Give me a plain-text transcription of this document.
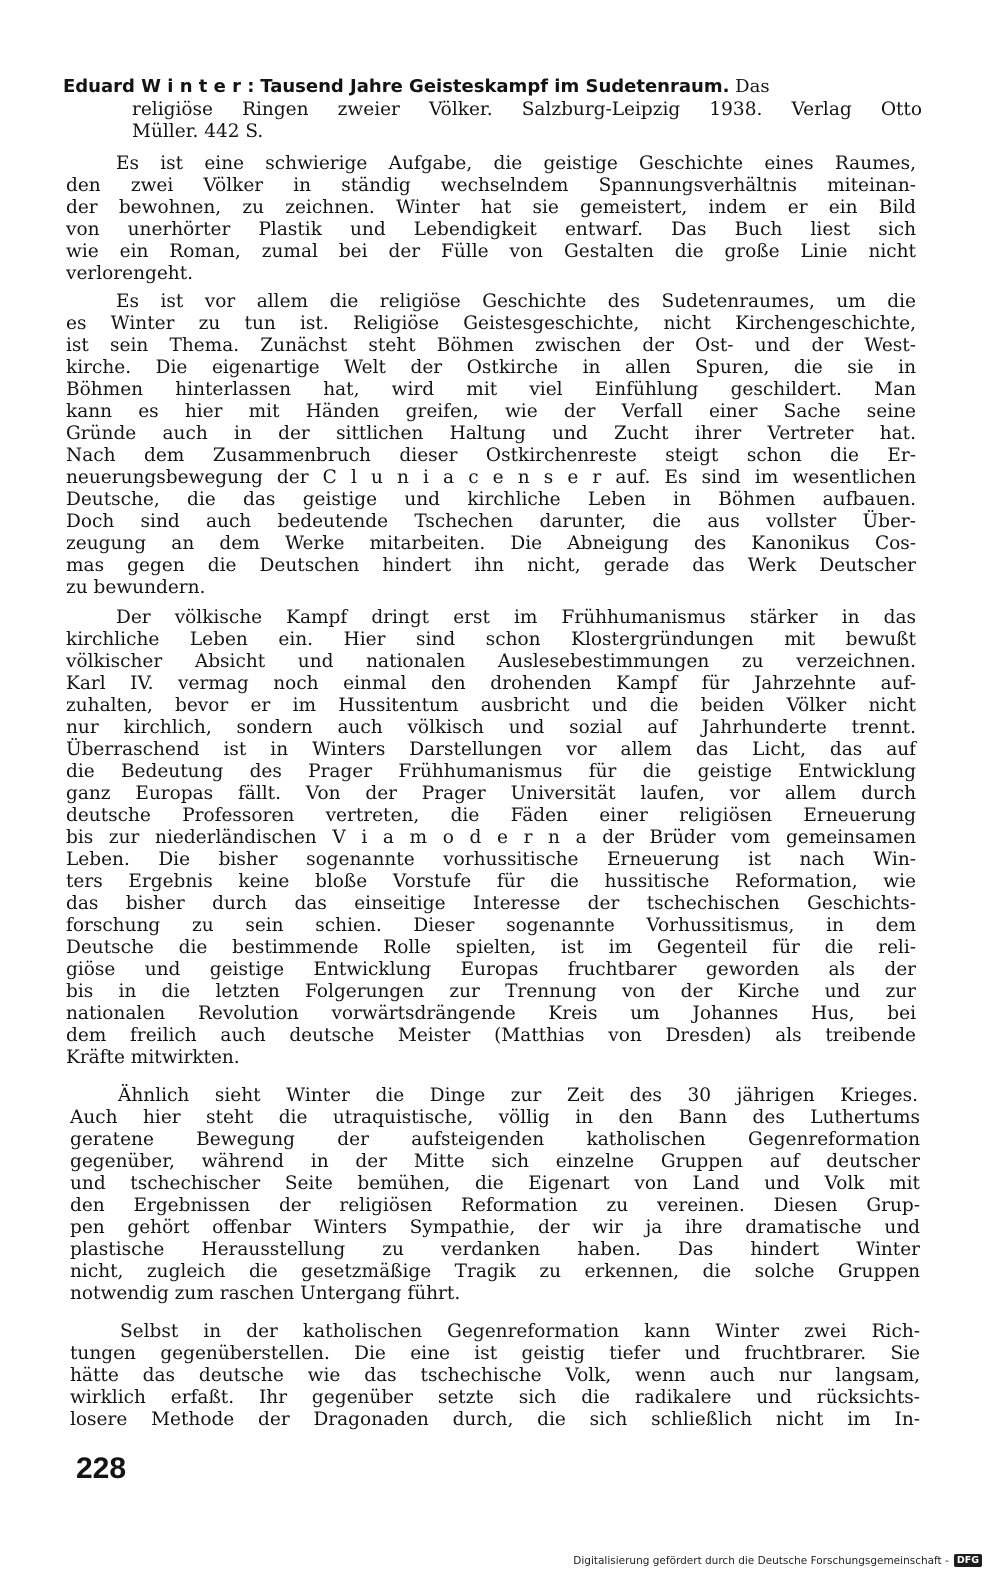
Eduard W i n t e r : Tausend Jahre Geisteskampf im Sudetenraum. Das
religiöse Ringen zweier Völker. Salzburg-Leipzig 1938. Verlag Otto
Müller. 442 S.
Es ist eine schwierige Aufgabe, die geistige Geschichte eines Raumes,
den zwei Völker in ständig wechselndem Spannungsverhältnis miteinan-
der bewohnen, zu zeichnen. Winter hat sie gemeistert, indem er ein Bild
von unerhörter Plastik und Lebendigkeit entwarf. Das Buch liest sich
wie ein Roman, zumal bei der Fülle von Gestalten die große Linie nicht
verlorengeht.
Es ist vor allem die religiöse Geschichte des Sudetenraumes, um die
es Winter zu tun ist. Religiöse Geistesgeschichte, nicht Kirchengeschichte,
ist sein Thema. Zunächst steht Böhmen zwischen der Ost- und der West-
kirche. Die eigenartige Welt der Ostkirche in allen Spuren, die sie in
Böhmen hinterlassen hat, wird mit viel Einfühlung geschildert. Man
kann es hier mit Händen greifen, wie der Verfall einer Sache seine
Gründe auch in der sittlichen Haltung und Zucht ihrer Vertreter hat.
Nach dem Zusammenbruch dieser Ostkirchenreste steigt schon die Er-
neuerungsbewegung der C l u n i a c e n s e r auf. Es sind im wesentlichen
Deutsche, die das geistige und kirchliche Leben in Böhmen aufbauen.
Doch sind auch bedeutende Tschechen darunter, die aus vollster Über-
zeugung an dem Werke mitarbeiten. Die Abneigung des Kanonikus Cos-
mas gegen die Deutschen hindert ihn nicht, gerade das Werk Deutscher
zu bewundern.
Der völkische Kampf dringt erst im Frühhumanismus stärker in das
kirchliche Leben ein. Hier sind schon Klostergründungen mit bewußt
völkischer Absicht und nationalen Auslesebestimmungen zu verzeichnen.
Karl IV. vermag noch einmal den drohenden Kampf für Jahrzehnte auf-
zuhalten, bevor er im Hussitentum ausbricht und die beiden Völker nicht
nur kirchlich, sondern auch völkisch und sozial auf Jahrhunderte trennt.
Überraschend ist in Winters Darstellungen vor allem das Licht, das auf
die Bedeutung des Prager Frühhumanismus für die geistige Entwicklung
ganz Europas fällt. Von der Prager Universität laufen, vor allem durch
deutsche Professoren vertreten, die Fäden einer religiösen Erneuerung
bis zur niederländischen V i a m o d e r n a der Brüder vom gemeinsamen
Leben. Die bisher sogenannte vorhussitische Erneuerung ist nach Win-
ters Ergebnis keine bloße Vorstufe für die hussitische Reformation, wie
das bisher durch das einseitige Interesse der tschechischen Geschichts-
forschung zu sein schien. Dieser sogenannte Vorhussitismus, in dem
Deutsche die bestimmende Rolle spielten, ist im Gegenteil für die reli-
giöse und geistige Entwicklung Europas fruchtbarer geworden als der
bis in die letzten Folgerungen zur Trennung von der Kirche und zur
nationalen Revolution vorwärtsdrängende Kreis um Johannes Hus, bei
dem freilich auch deutsche Meister (Matthias von Dresden) als treibende
Kräfte mitwirkten.
Ähnlich sieht Winter die Dinge zur Zeit des 30 jährigen Krieges.
Auch hier steht die utraquistische, völlig in den Bann des Luthertums
geratene Bewegung der aufsteigenden katholischen Gegenreformation
gegenüber, während in der Mitte sich einzelne Gruppen auf deutscher
und tschechischer Seite bemühen, die Eigenart von Land und Volk mit
den Ergebnissen der religiösen Reformation zu vereinen. Diesen Grup-
pen gehört offenbar Winters Sympathie, der wir ja ihre dramatische und
plastische Herausstellung zu verdanken haben. Das hindert Winter
nicht, zugleich die gesetzmäßige Tragik zu erkennen, die solche Gruppen
notwendig zum raschen Untergang führt.
Selbst in der katholischen Gegenreformation kann Winter zwei Rich-
tungen gegenüberstellen. Die eine ist geistig tiefer und fruchtbrarer. Sie
hätte das deutsche wie das tschechische Volk, wenn auch nur langsam,
wirklich erfaßt. Ihr gegenüber setzte sich die radikalere und rücksichts-
losere Methode der Dragonaden durch, die sich schließlich nicht im In-
228
Digitalisierung gefördert durch die Deutsche Forschungsgemeinschaft - DFG
